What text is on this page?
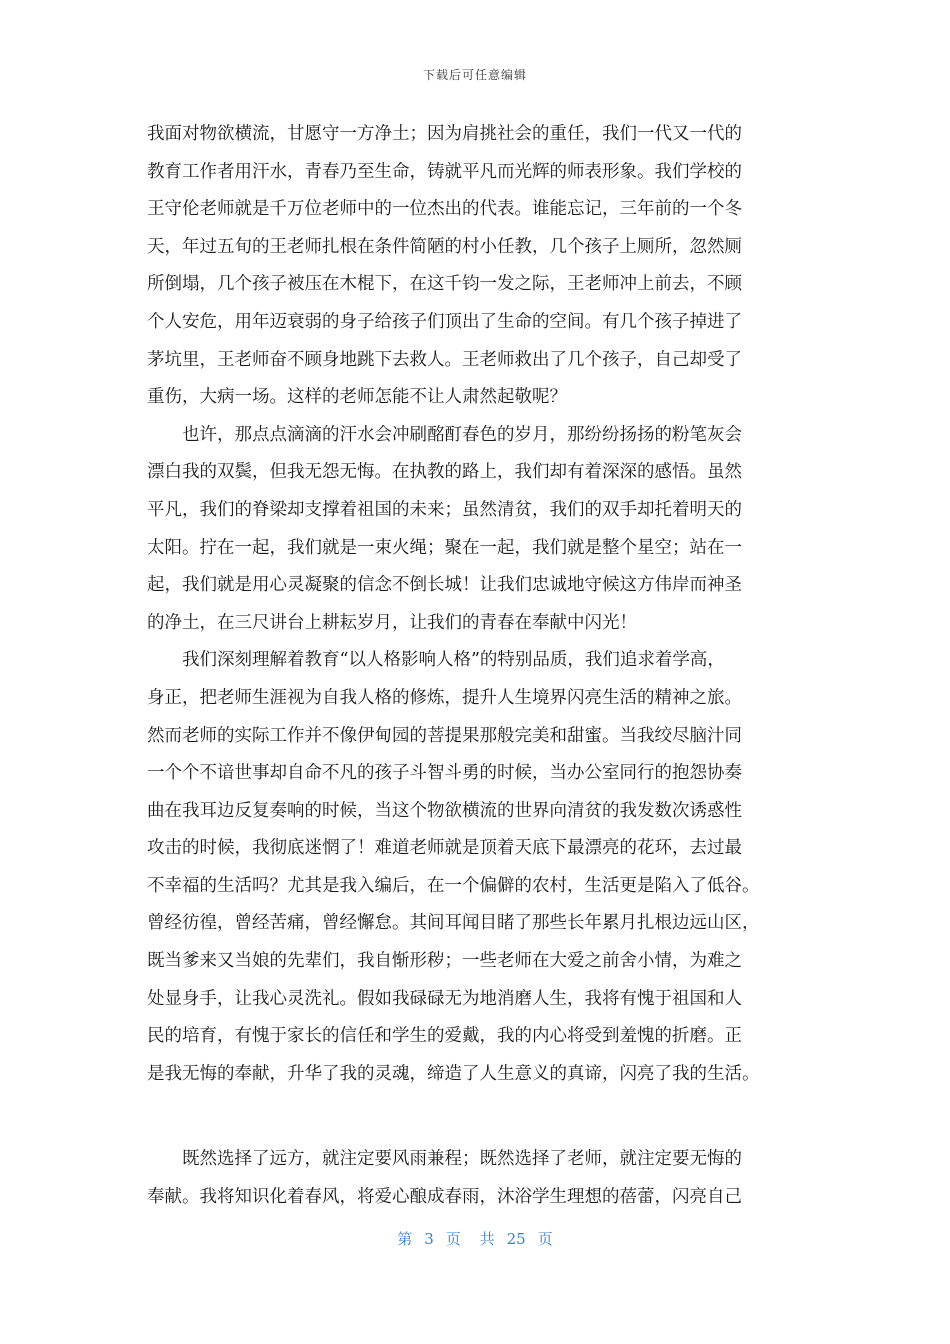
下载后可任意编辑
我面对物欲横流，甘愿守一方净土；因为肩挑社会的重任，我们一代又一代的
教育工作者用汗水，青春乃至生命，铸就平凡而光辉的师表形象。我们学校的
王守伦老师就是千万位老师中的一位杰出的代表。谁能忘记，三年前的一个冬
天，年过五旬的王老师扎根在条件简陋的村小任教，几个孩子上厕所，忽然厕
所倒塌，几个孩子被压在木棍下，在这千钧一发之际，王老师冲上前去，不顾
个人安危，用年迈衰弱的身子给孩子们顶出了生命的空间。有几个孩子掉进了
茅坑里，王老师奋不顾身地跳下去救人。王老师救出了几个孩子，自己却受了
重伤，大病一场。这样的老师怎能不让人肃然起敬呢？
　　也许，那点点滴滴的汗水会冲刷酩酊春色的岁月，那纷纷扬扬的粉笔灰会
漂白我的双鬓，但我无怨无悔。在执教的路上，我们却有着深深的感悟。虽然
平凡，我们的脊梁却支撑着祖国的未来；虽然清贫，我们的双手却托着明天的
太阳。拧在一起，我们就是一束火绳；聚在一起，我们就是整个星空；站在一
起，我们就是用心灵凝聚的信念不倒长城！让我们忠诚地守候这方伟岸而神圣
的净土，在三尺讲台上耕耘岁月，让我们的青春在奉献中闪光！
　　我们深刻理解着教育“以人格影响人格”的特别品质，我们追求着学高，
身正，把老师生涯视为自我人格的修炼，提升人生境界闪亮生活的精神之旅。
然而老师的实际工作并不像伊甸园的菩提果那般完美和甜蜜。当我绞尽脑汁同
一个个不谙世事却自命不凡的孩子斗智斗勇的时候，当办公室同行的抱怨协奏
曲在我耳边反复奏响的时候，当这个物欲横流的世界向清贫的我发数次诱惑性
攻击的时候，我彻底迷惘了！难道老师就是顶着天底下最漂亮的花环，去过最
不幸福的生活吗？尤其是我入编后，在一个偏僻的农村，生活更是陷入了低谷。
曾经彷徨，曾经苦痛，曾经懈怠。其间耳闻目睹了那些长年累月扎根边远山区，
既当爹来又当娘的先辈们，我自惭形秽；一些老师在大爱之前舍小情，为难之
处显身手，让我心灵洗礼。假如我碌碌无为地消磨人生，我将有愧于祖国和人
民的培育，有愧于家长的信任和学生的爱戴，我的内心将受到羞愧的折磨。正
是我无悔的奉献，升华了我的灵魂，缔造了人生意义的真谛，闪亮了我的生活。
　　既然选择了远方，就注定要风雨兼程；既然选择了老师，就注定要无悔的
奉献。我将知识化着春风，将爱心酿成春雨，沐浴学生理想的蓓蕾，闪亮自己
第 3 页 共 25 页
